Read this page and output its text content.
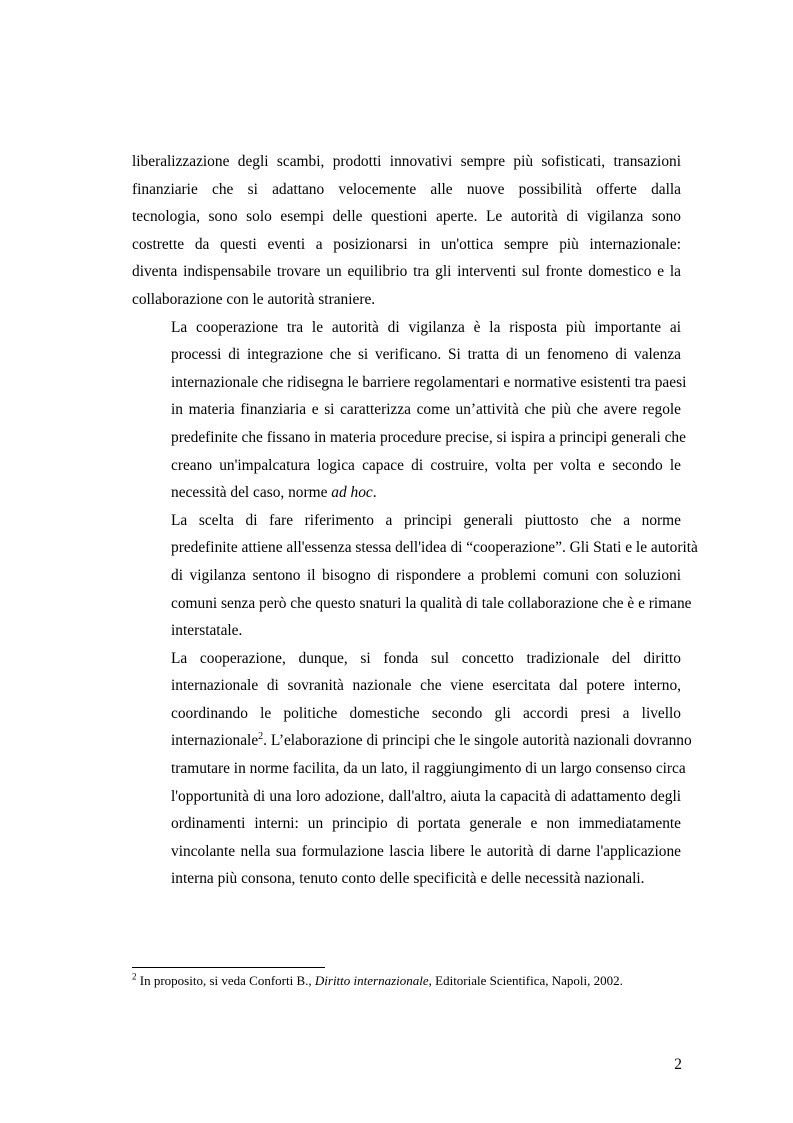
liberalizzazione degli scambi, prodotti innovativi sempre più sofisticati, transazioni
finanziarie che si adattano velocemente alle nuove possibilità offerte dalla
tecnologia, sono solo esempi delle questioni aperte. Le autorità di vigilanza sono
costrette da questi eventi a posizionarsi in un'ottica sempre più internazionale:
diventa indispensabile trovare un equilibrio tra gli interventi sul fronte domestico e la
collaborazione con le autorità straniere.

La cooperazione tra le autorità di vigilanza è la risposta più importante ai
processi di integrazione che si verificano. Si tratta di un fenomeno di valenza
internazionale che ridisegna le barriere regolamentari e normative esistenti tra paesi
in materia finanziaria e si caratterizza come un’attività che più che avere regole
predefinite che fissano in materia procedure precise, si ispira a principi generali che
creano un'impalcatura logica capace di costruire, volta per volta e secondo le
necessità del caso, norme ad hoc.

La scelta di fare riferimento a principi generali piuttosto che a norme
predefinite attiene all'essenza stessa dell'idea di “cooperazione”. Gli Stati e le autorità
di vigilanza sentono il bisogno di rispondere a problemi comuni con soluzioni
comuni senza però che questo snaturi la qualità di tale collaborazione che è e rimane
interstatale.

La cooperazione, dunque, si fonda sul concetto tradizionale del diritto
internazionale di sovranità nazionale che viene esercitata dal potere interno,
coordinando le politiche domestiche secondo gli accordi presi a livello
internazionale$^2$. L’elaborazione di principi che le singole autorità nazionali dovranno
tramutare in norme facilita, da un lato, il raggiungimento di un largo consenso circa
l'opportunità di una loro adozione, dall'altro, aiuta la capacità di adattamento degli
ordinamenti interni: un principio di portata generale e non immediatamente
vincolante nella sua formulazione lascia libere le autorità di darne l'applicazione
interna più consona, tenuto conto delle specificità e delle necessità nazionali.

$^2$ In proposito, si veda Conforti B., Diritto internazionale, Editoriale Scientifica, Napoli, 2002.
2
